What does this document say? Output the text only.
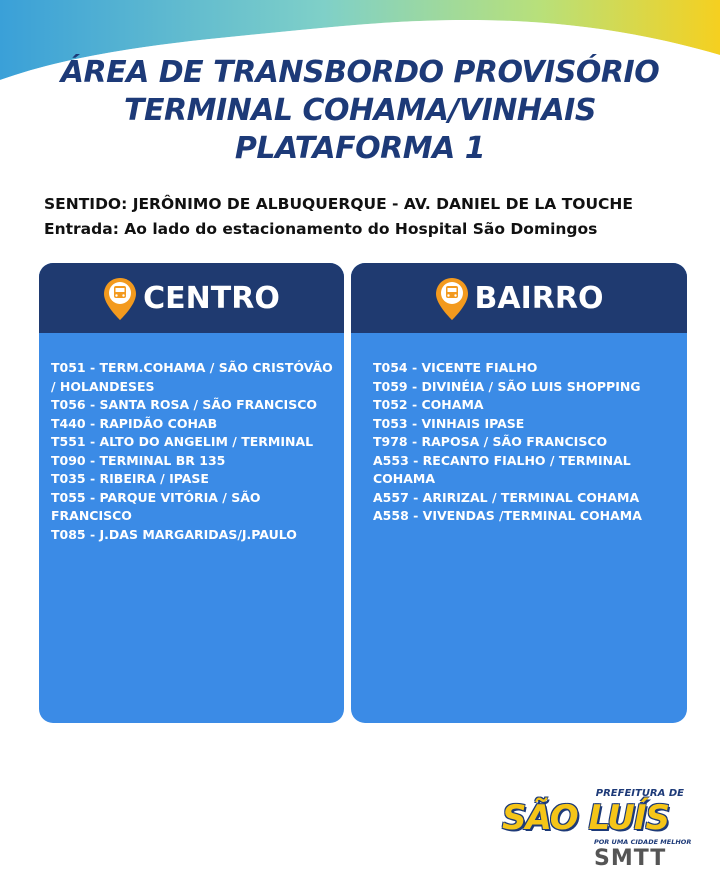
ÁREA DE TRANSBORDO PROVISÓRIO
TERMINAL COHAMA/VINHAIS
PLATAFORMA 1
SENTIDO: JERÔNIMO DE ALBUQUERQUE - AV. DANIEL DE LA TOUCHE
Entrada: Ao lado do estacionamento do Hospital São Domingos
CENTRO
T051 - TERM.COHAMA / SÃO CRISTÓVÃO / HOLANDESES
T056 - SANTA ROSA / SÃO FRANCISCO
T440 - RAPIDÃO COHAB
T551 - ALTO DO ANGELIM / TERMINAL
T090 - TERMINAL BR 135
T035 - RIBEIRA / IPASE
T055 - PARQUE VITÓRIA / SÃO FRANCISCO
T085 - J.DAS MARGARIDAS/J.PAULO
BAIRRO
T054 - VICENTE FIALHO
T059 - DIVINÉIA / SÃO LUIS SHOPPING
T052 - COHAMA
T053 - VINHAIS IPASE
T978 - RAPOSA / SÃO FRANCISCO
A553 - RECANTO FIALHO / TERMINAL COHAMA
A557 - ARIRIZAL / TERMINAL COHAMA
A558 - VIVENDAS /TERMINAL COHAMA
PREFEITURA DE
SÃO LUÍS
POR UMA CIDADE MELHOR
SMTT
